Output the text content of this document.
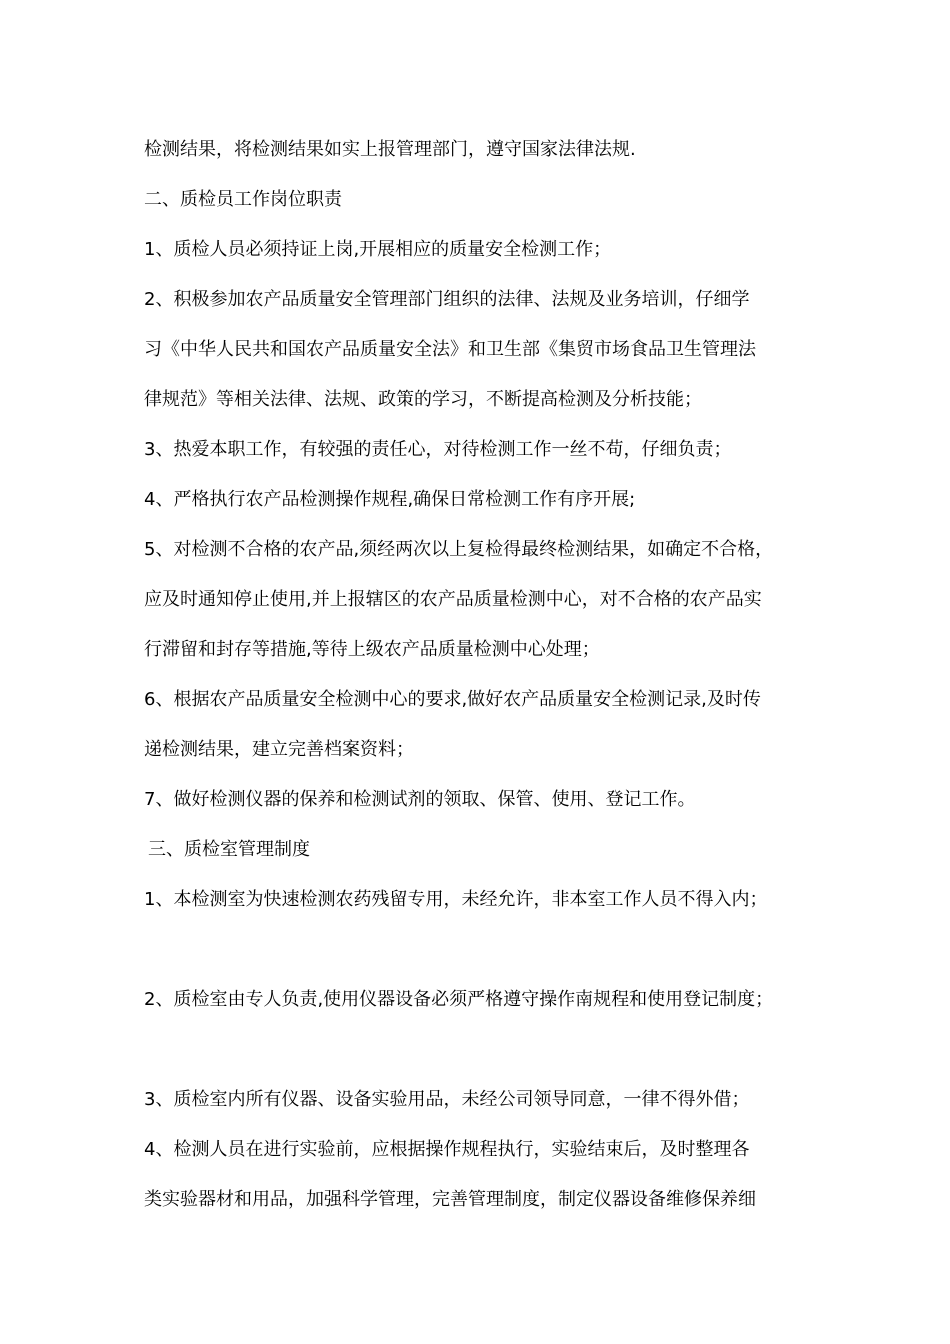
检测结果，将检测结果如实上报管理部门，遵守国家法律法规.
二、质检员工作岗位职责
1、质检人员必须持证上岗,开展相应的质量安全检测工作；
2、积极参加农产品质量安全管理部门组织的法律、法规及业务培训，仔细学
习《中华人民共和国农产品质量安全法》和卫生部《集贸市场食品卫生管理法
律规范》等相关法律、法规、政策的学习，不断提高检测及分析技能；
3、热爱本职工作，有较强的责任心，对待检测工作一丝不苟，仔细负责；
4、严格执行农产品检测操作规程,确保日常检测工作有序开展;
5、对检测不合格的农产品,须经两次以上复检得最终检测结果，如确定不合格，
应及时通知停止使用,并上报辖区的农产品质量检测中心，对不合格的农产品实
行滞留和封存等措施,等待上级农产品质量检测中心处理；
6、根据农产品质量安全检测中心的要求,做好农产品质量安全检测记录,及时传
递检测结果，建立完善档案资料；
7、做好检测仪器的保养和检测试剂的领取、保管、使用、登记工作。
三、质检室管理制度
1、本检测室为快速检测农药残留专用，未经允许，非本室工作人员不得入内；
2、质检室由专人负责,使用仪器设备必须严格遵守操作南规程和使用登记制度；
3、质检室内所有仪器、设备实验用品，未经公司领导同意，一律不得外借；
4、检测人员在进行实验前，应根据操作规程执行，实验结束后，及时整理各
类实验器材和用品，加强科学管理，完善管理制度，制定仪器设备维修保养细
